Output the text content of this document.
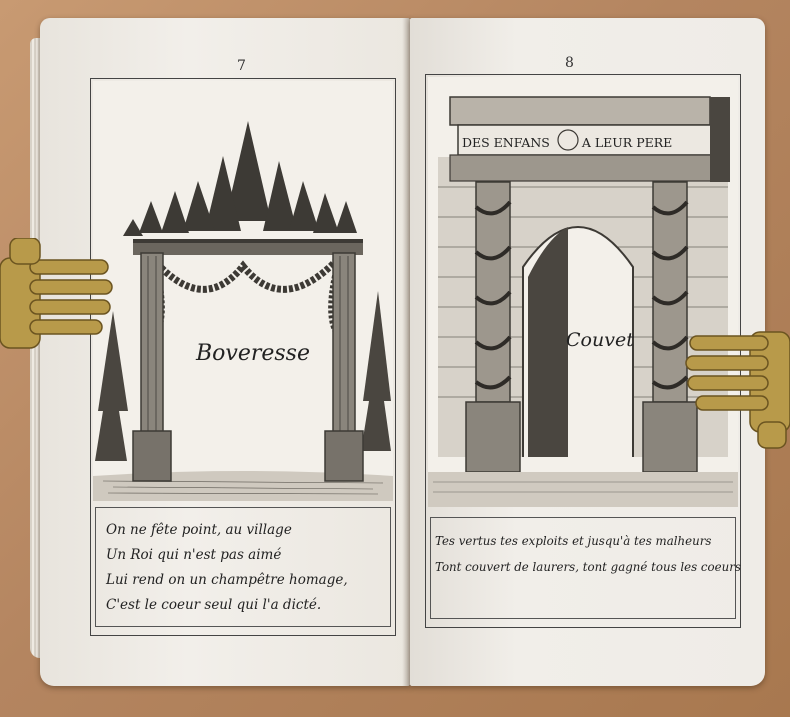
7
Boveresse
On ne fête point, au village
Un Roi qui n'est pas aimé
Lui rend on un champêtre homage,
C'est le coeur seul qui l'a dicté.
8
DES ENFANS	A LEUR PERE
Couvet
Tes vertus tes exploits et jusqu'à tes malheurs
Tont couvert de laurers, tont gagné tous les coeurs
